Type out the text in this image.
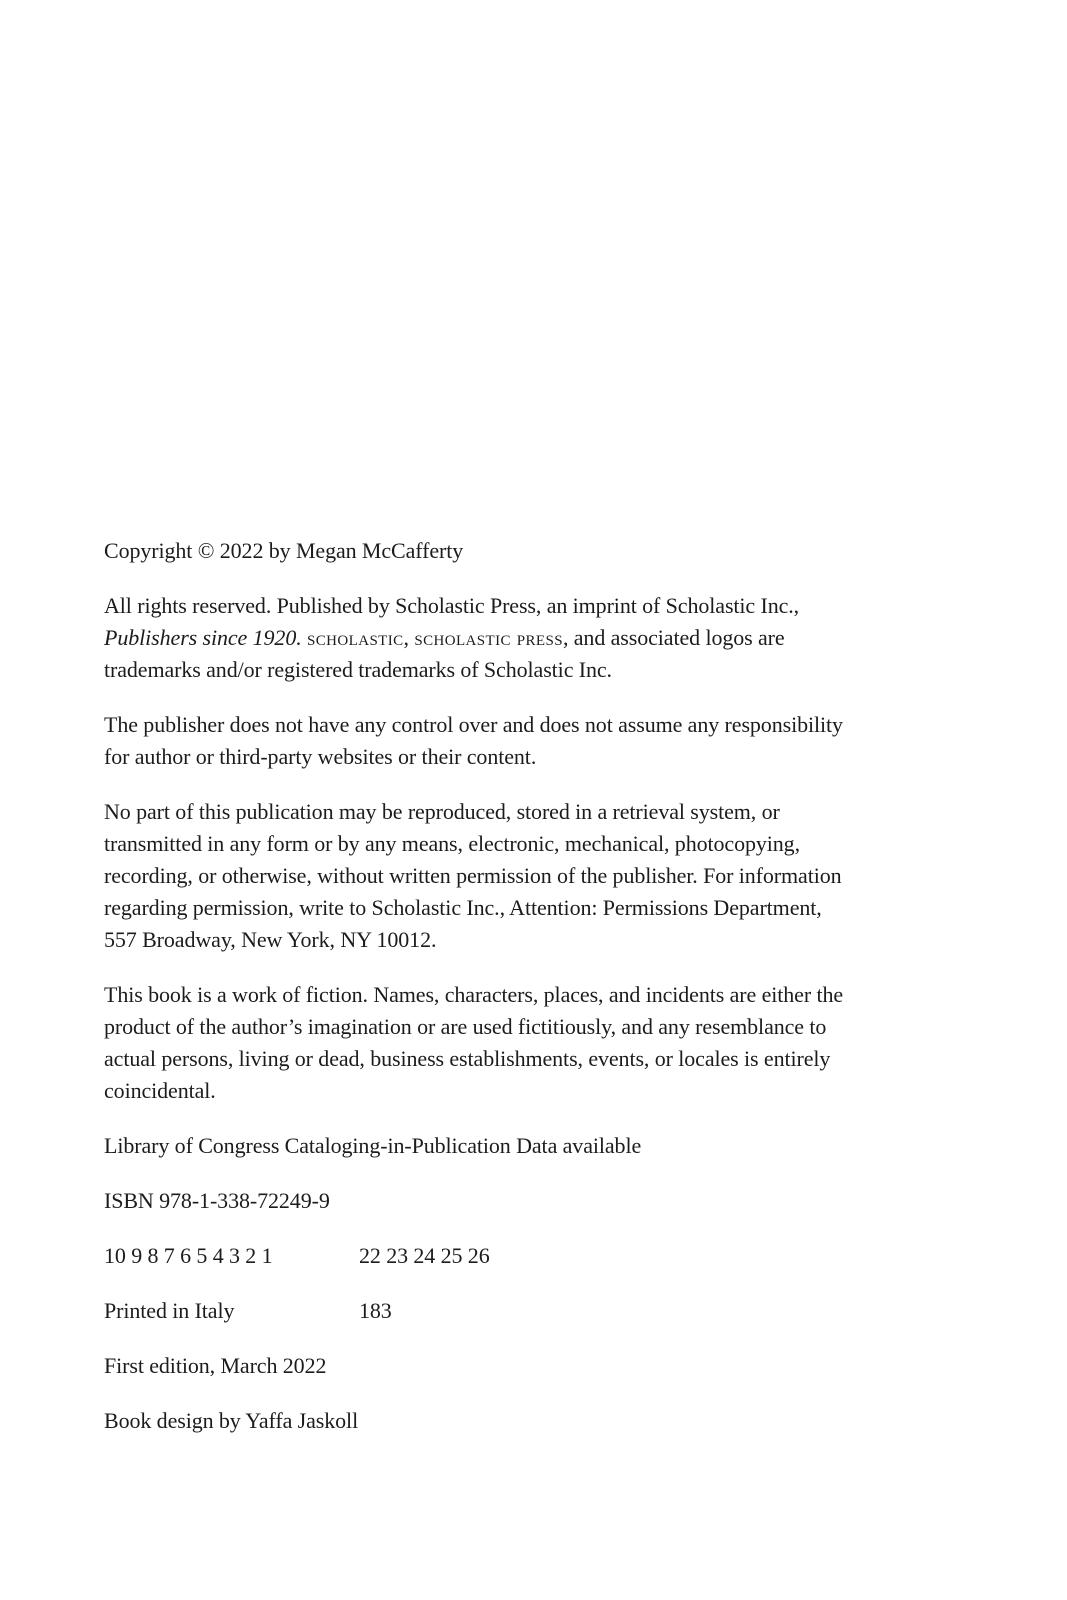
Copyright © 2022 by Megan McCafferty

All rights reserved. Published by Scholastic Press, an imprint of Scholastic Inc.,
Publishers since 1920. scholastic, scholastic press, and associated logos are
trademarks and/or registered trademarks of Scholastic Inc.

The publisher does not have any control over and does not assume any responsibility
for author or third-party websites or their content.

No part of this publication may be reproduced, stored in a retrieval system, or
transmitted in any form or by any means, electronic, mechanical, photocopying,
recording, or otherwise, without written permission of the publisher. For information
regarding permission, write to Scholastic Inc., Attention: Permissions Department,
557 Broadway, New York, NY 10012.

This book is a work of fiction. Names, characters, places, and incidents are either the
product of the author’s imagination or are used fictitiously, and any resemblance to
actual persons, living or dead, business establishments, events, or locales is entirely
coincidental.

Library of Congress Cataloging-in-Publication Data available

ISBN 978-1-338-72249-9

10 9 8 7 6 5 4 3 2 1	22 23 24 25 26

Printed in Italy	183

First edition, March 2022

Book design by Yaffa Jaskoll
